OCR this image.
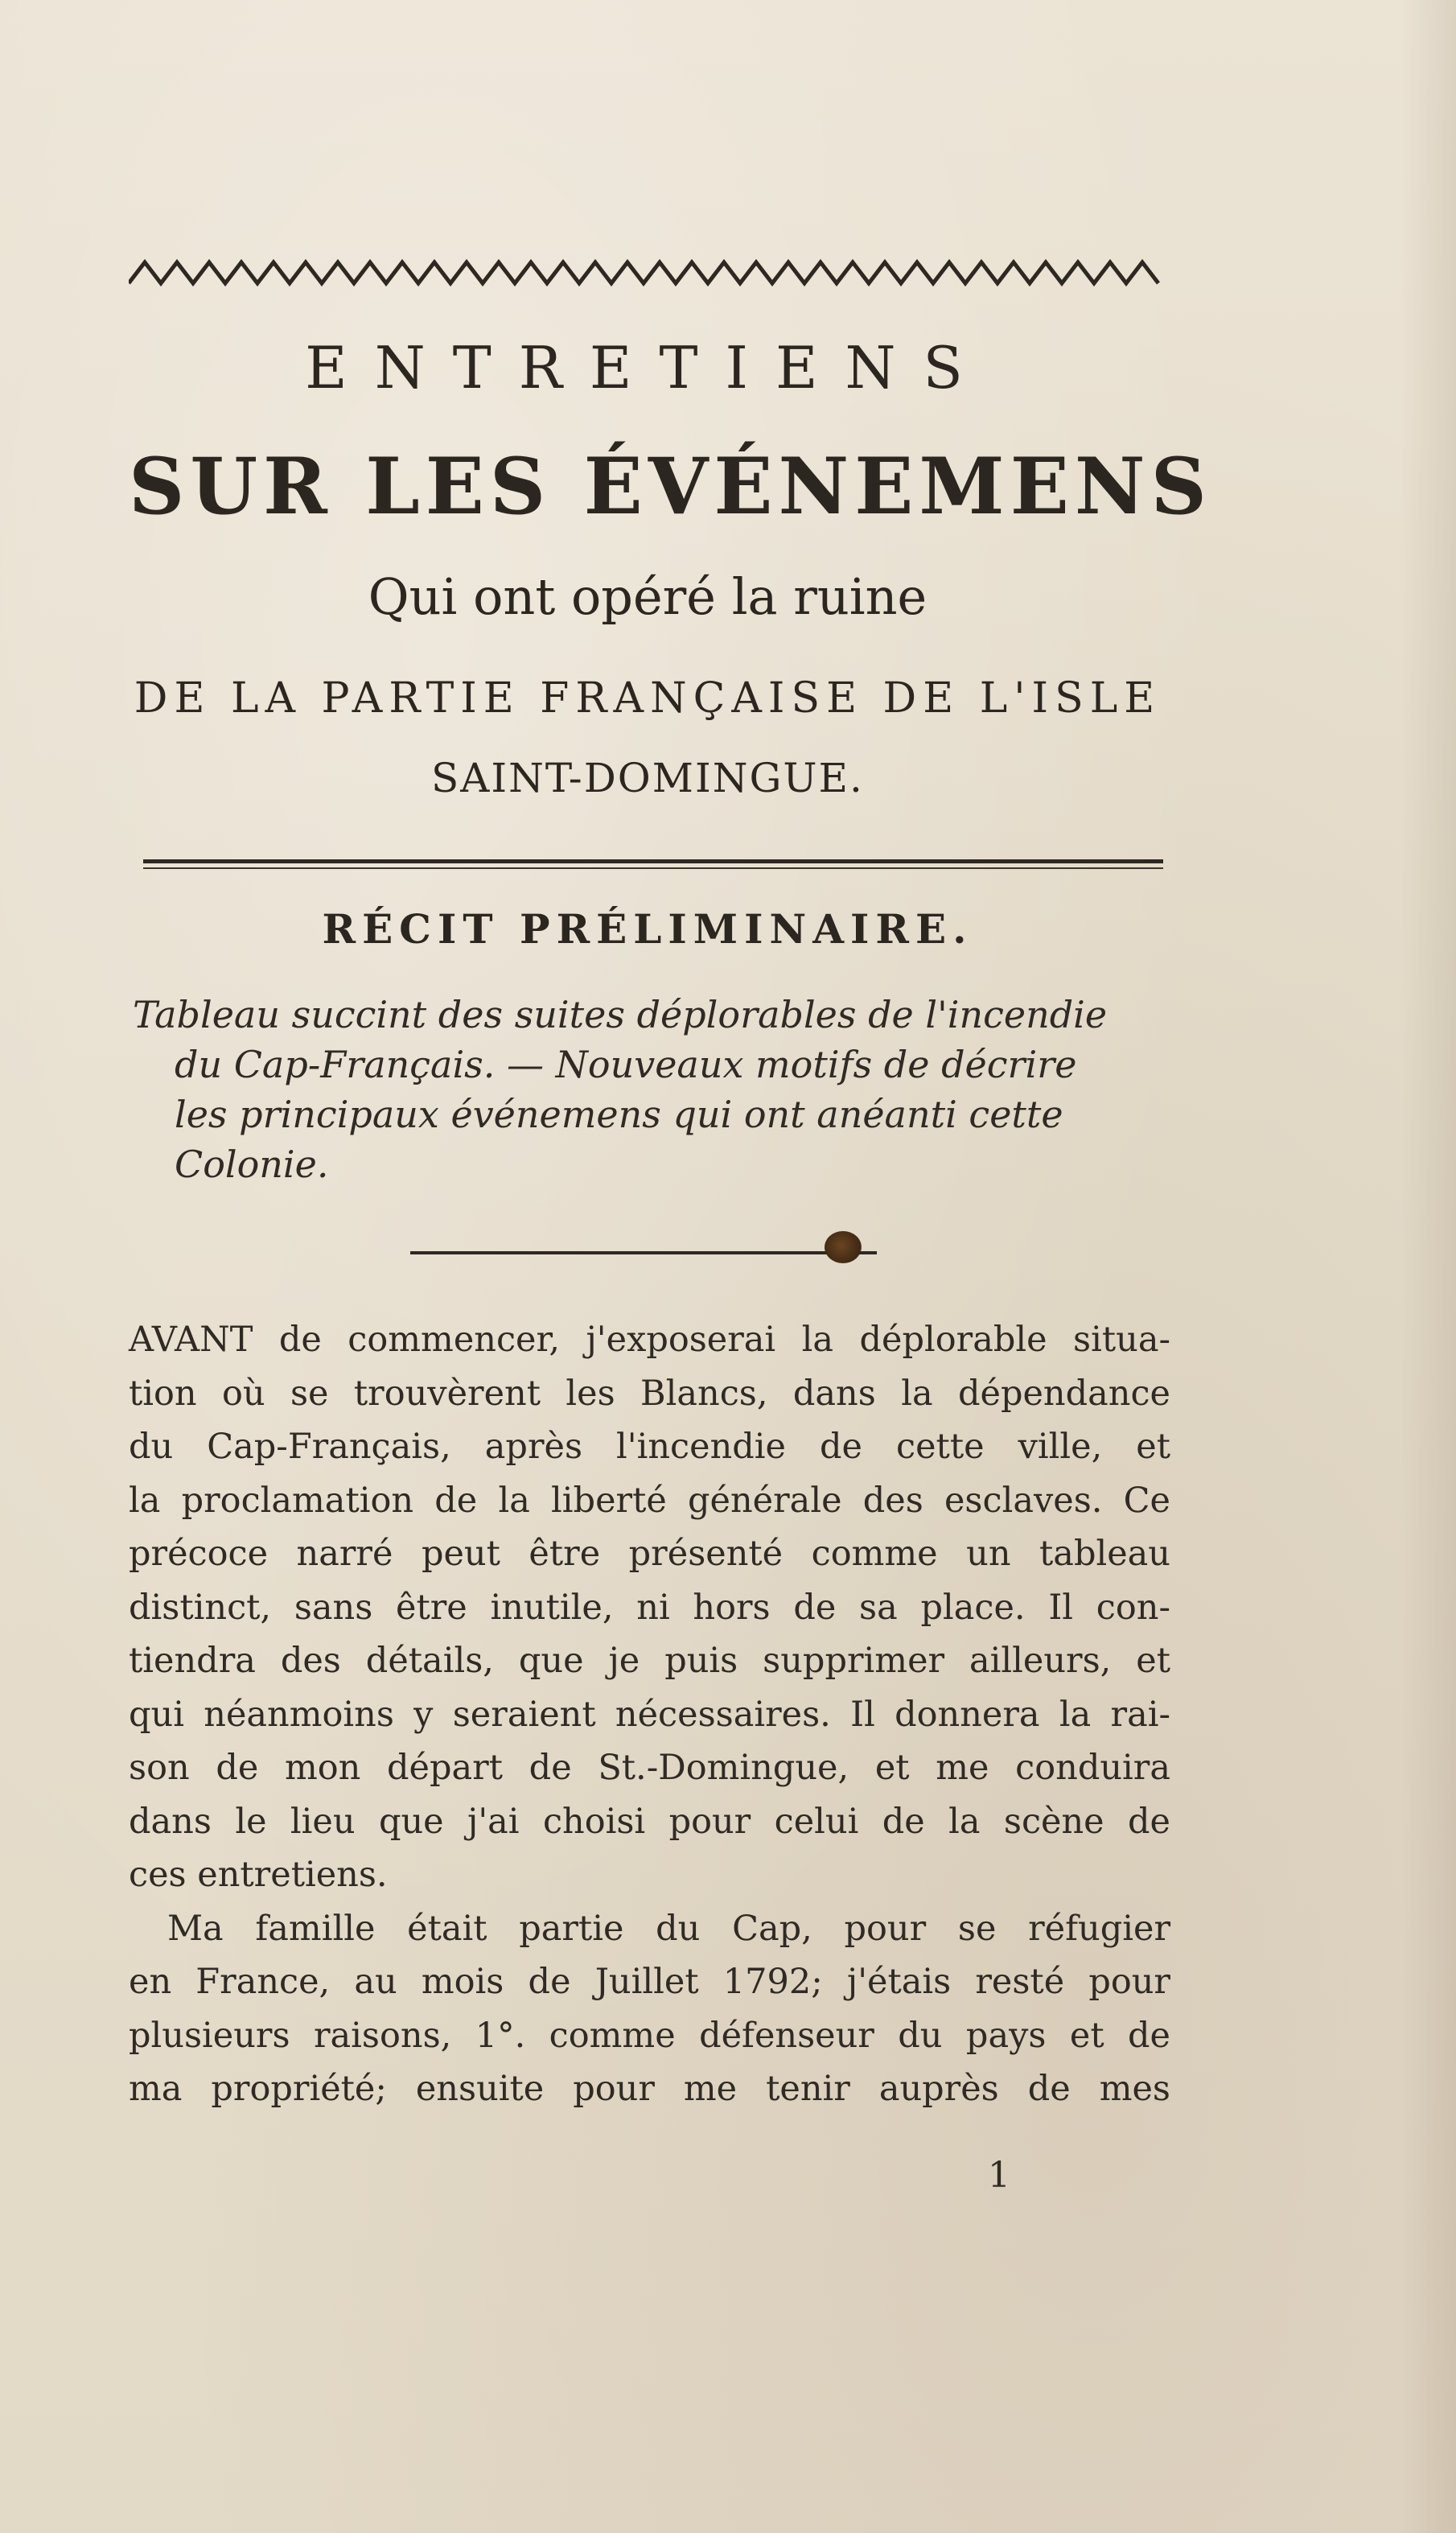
ENTRETIENS
SUR LES ÉVÉNEMENS
Qui ont opéré la ruine
DE LA PARTIE FRANÇAISE DE L'ISLE
SAINT-DOMINGUE.
RÉCIT PRÉLIMINAIRE.
Tableau succint des suites déplorables de l'incendie
du Cap-Français. — Nouveaux motifs de décrire
les principaux événemens qui ont anéanti cette
Colonie.
AVANT de commencer, j'exposerai la déplorable situa-
tion où se trouvèrent les Blancs, dans la dépendance
du Cap-Français, après l'incendie de cette ville, et
la proclamation de la liberté générale des esclaves. Ce
précoce narré peut être présenté comme un tableau
distinct, sans être inutile, ni hors de sa place. Il con-
tiendra des détails, que je puis supprimer ailleurs, et
qui néanmoins y seraient nécessaires. Il donnera la rai-
son de mon départ de St.-Domingue, et me conduira
dans le lieu que j'ai choisi pour celui de la scène de
ces entretiens.
Ma famille était partie du Cap, pour se réfugier
en France, au mois de Juillet 1792; j'étais resté pour
plusieurs raisons, 1°. comme défenseur du pays et de
ma propriété; ensuite pour me tenir auprès de mes
1
